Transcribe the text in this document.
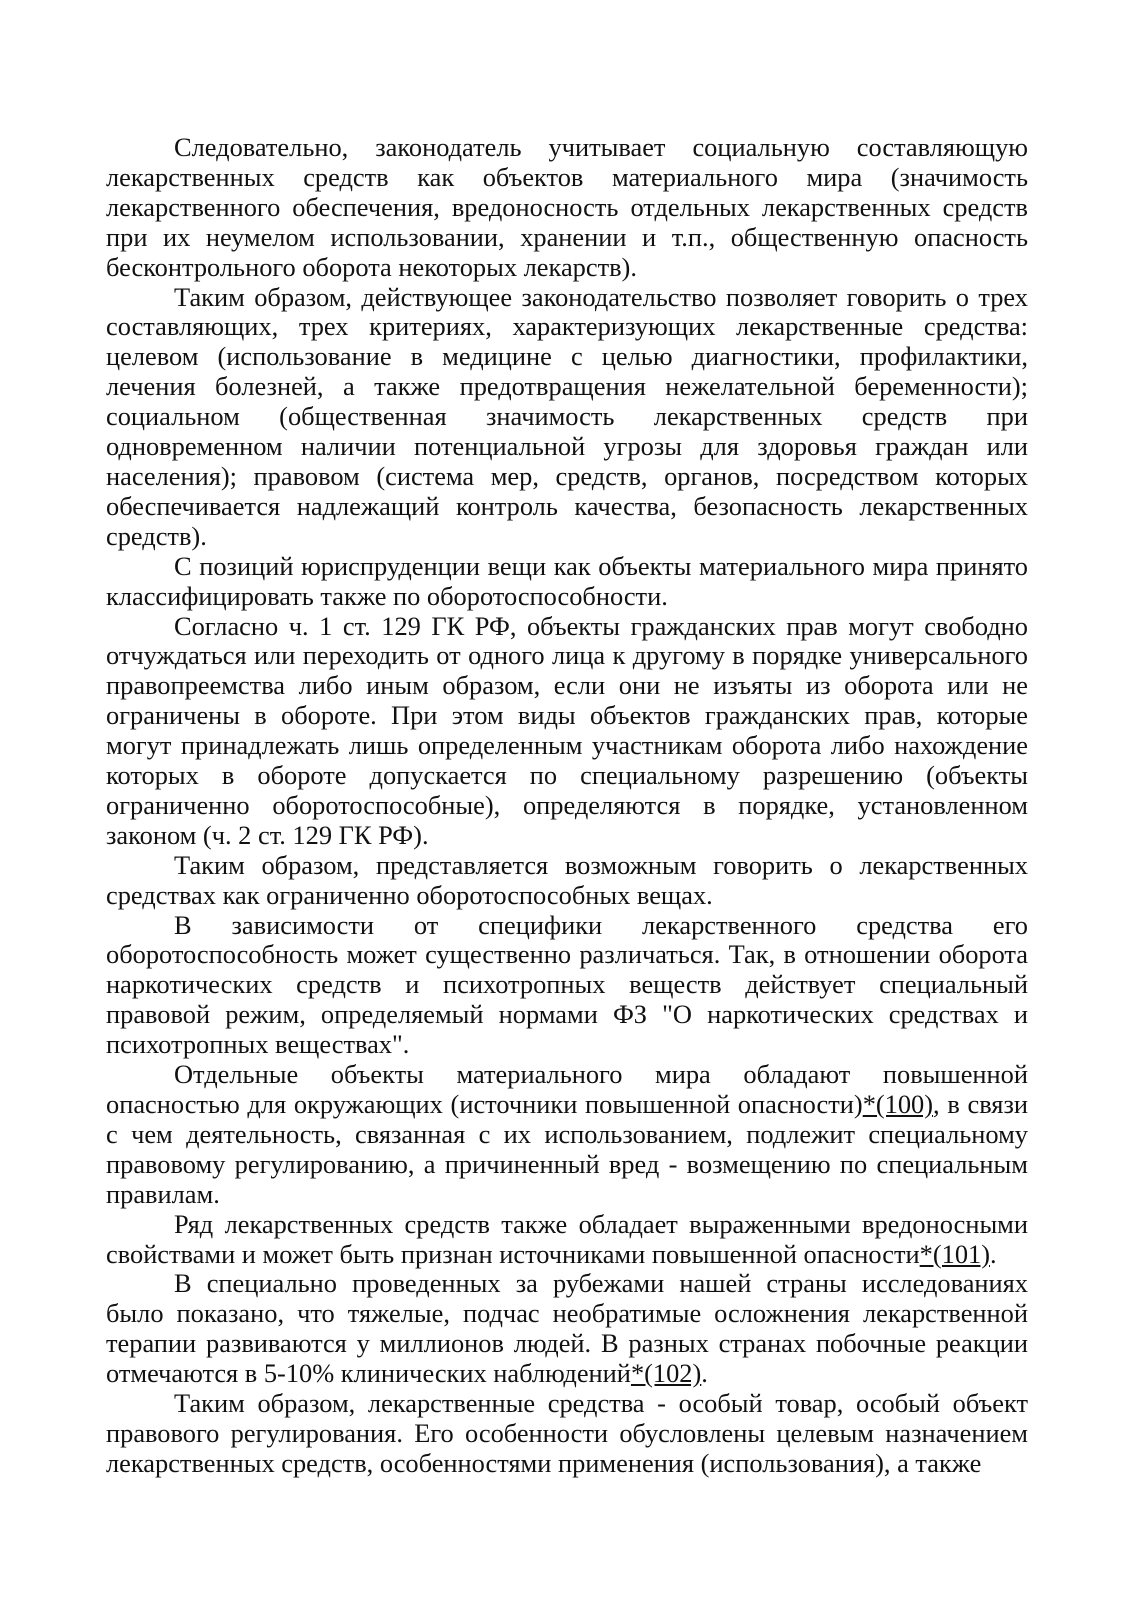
Следовательно, законодатель учитывает социальную составляющую лекарственных средств как объектов материального мира (значимость лекарственного обеспечения, вредоносность отдельных лекарственных средств при их неумелом использовании, хранении и т.п., общественную опасность бесконтрольного оборота некоторых лекарств).

Таким образом, действующее законодательство позволяет говорить о трех составляющих, трех критериях, характеризующих лекарственные средства: целевом (использование в медицине с целью диагностики, профилактики, лечения болезней, а также предотвращения нежелательной беременности); социальном (общественная значимость лекарственных средств при одновременном наличии потенциальной угрозы для здоровья граждан или населения); правовом (система мер, средств, органов, посредством которых обеспечивается надлежащий контроль качества, безопасность лекарственных средств).

С позиций юриспруденции вещи как объекты материального мира принято классифицировать также по оборотоспособности.

Согласно ч. 1 ст. 129 ГК РФ, объекты гражданских прав могут свободно отчуждаться или переходить от одного лица к другому в порядке универсального правопреемства либо иным образом, если они не изъяты из оборота или не ограничены в обороте. При этом виды объектов гражданских прав, которые могут принадлежать лишь определенным участникам оборота либо нахождение которых в обороте допускается по специальному разрешению (объекты ограниченно оборотоспособные), определяются в порядке, установленном законом (ч. 2 ст. 129 ГК РФ).

Таким образом, представляется возможным говорить о лекарственных средствах как ограниченно оборотоспособных вещах.

В зависимости от специфики лекарственного средства его оборотоспособность может существенно различаться. Так, в отношении оборота наркотических средств и психотропных веществ действует специальный правовой режим, определяемый нормами ФЗ "О наркотических средствах и психотропных веществах".

Отдельные объекты материального мира обладают повышенной опасностью для окружающих (источники повышенной опасности)*(100), в связи с чем деятельность, связанная с их использованием, подлежит специальному правовому регулированию, а причиненный вред - возмещению по специальным правилам.

Ряд лекарственных средств также обладает выраженными вредоносными свойствами и может быть признан источниками повышенной опасности*(101).

В специально проведенных за рубежами нашей страны исследованиях было показано, что тяжелые, подчас необратимые осложнения лекарственной терапии развиваются у миллионов людей. В разных странах побочные реакции отмечаются в 5-10% клинических наблюдений*(102).

Таким образом, лекарственные средства - особый товар, особый объект правового регулирования. Его особенности обусловлены целевым назначением лекарственных средств, особенностями применения (использования), а также
